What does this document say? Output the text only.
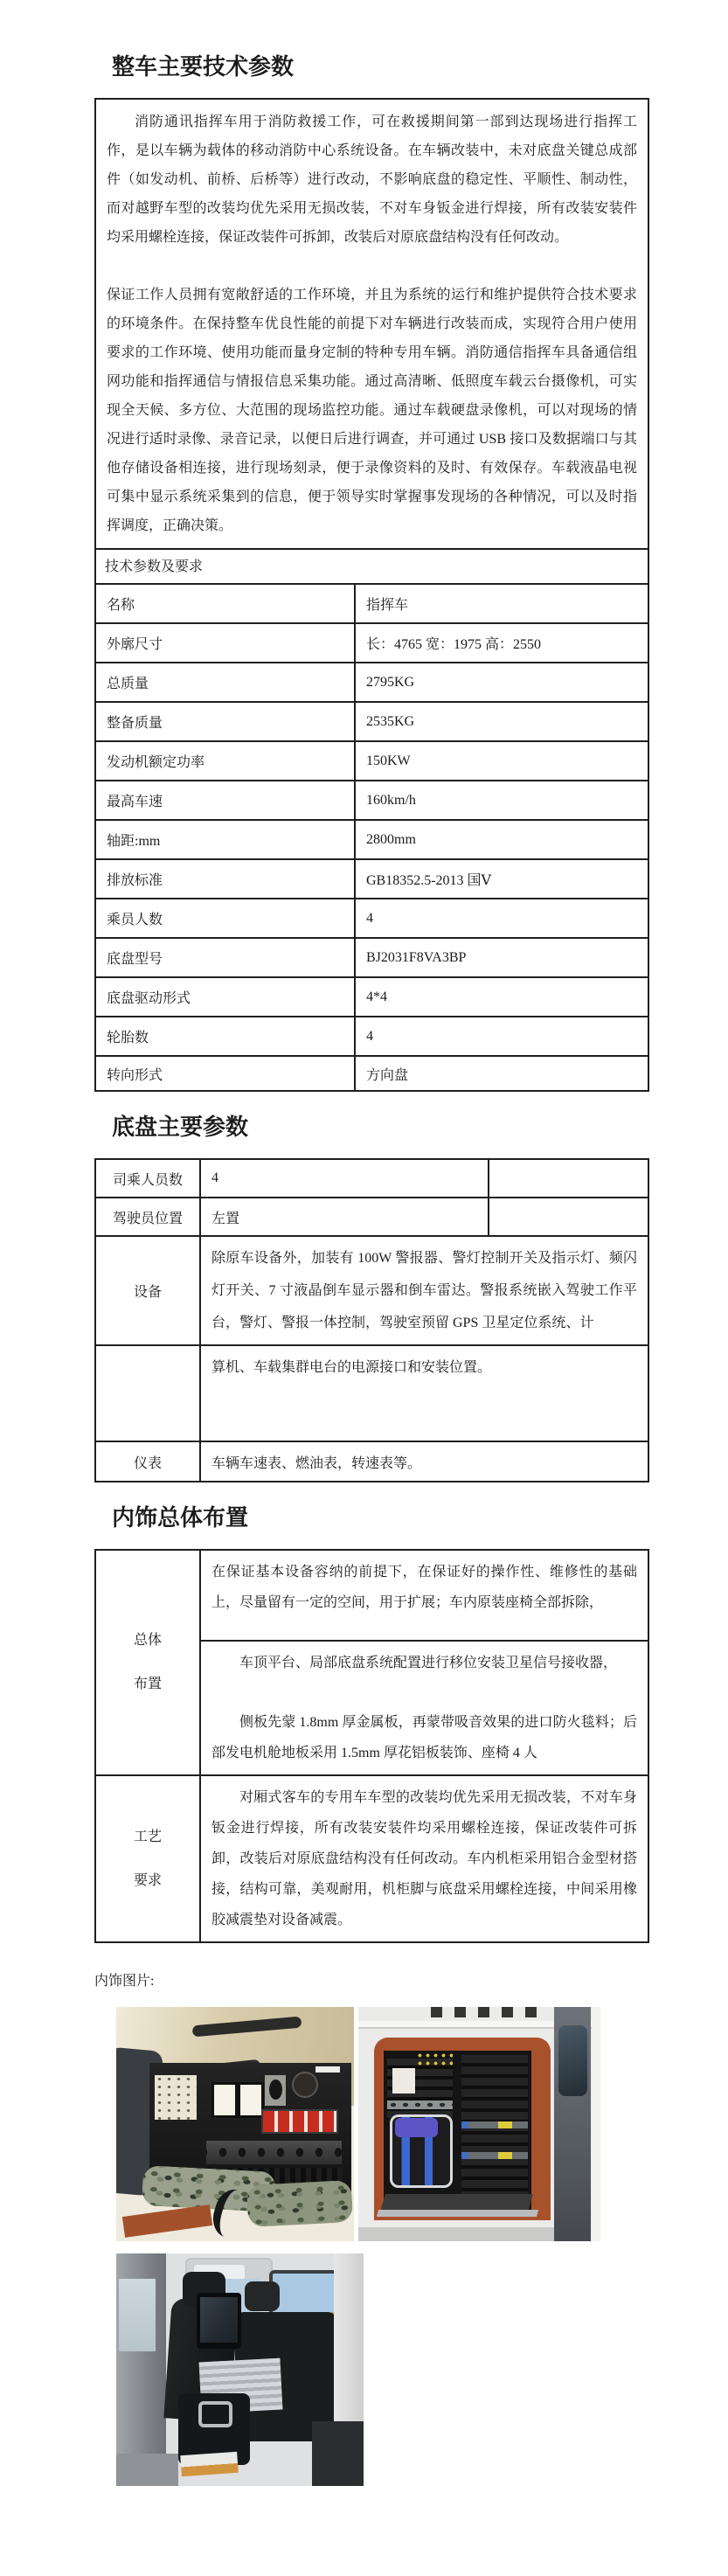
整车主要技术参数

消防通讯指挥车用于消防救援工作，可在救援期间第一部到达现场进行指挥工作，是以车辆为载体的移动消防中心系统设备。在车辆改装中，未对底盘关键总成部件（如发动机、前桥、后桥等）进行改动，不影响底盘的稳定性、平顺性、制动性，而对越野车型的改装均优先采用无损改装，不对车身钣金进行焊接，所有改装安装件均采用螺栓连接，保证改装件可拆卸，改装后对原底盘结构没有任何改动。

保证工作人员拥有宽敞舒适的工作环境，并且为系统的运行和维护提供符合技术要求的环境条件。在保持整车优良性能的前提下对车辆进行改装而成，实现符合用户使用要求的工作环境、使用功能而量身定制的特种专用车辆。消防通信指挥车具备通信组网功能和指挥通信与情报信息采集功能。通过高清晰、低照度车载云台摄像机，可实现全天候、多方位、大范围的现场监控功能。通过车载硬盘录像机，可以对现场的情况进行适时录像、录音记录，以便日后进行调查，并可通过 USB 接口及数据端口与其他存储设备相连接，进行现场刻录，便于录像资料的及时、有效保存。车载液晶电视可集中显示系统采集到的信息，便于领导实时掌握事发现场的各种情况，可以及时指挥调度，正确决策。	

技术参数及要求	
名称	指挥车
外廓尺寸	长：4765 宽：1975 高：2550
总质量	2795KG
整备质量	2535KG
发动机额定功率	150KW
最高车速	160km/h
轴距:mm	2800mm
排放标准	GB18352.5-2013 国Ⅴ
乘员人数	4
底盘型号	BJ2031F8VA3BP
底盘驱动形式	4*4
轮胎数	4
转向形式	方向盘
底盘主要参数
司乘人员数	4	
驾驶员位置	左置	
设备	除原车设备外，加装有 100W 警报器、警灯控制开关及指示灯、频闪灯开关、7 寸液晶倒车显示器和倒车雷达。警报系统嵌入驾驶工作平台，警灯、警报一体控制，驾驶室预留 GPS 卫星定位系统、计	
	算机、车载集群电台的电源接口和安装位置。	
仪表	车辆车速表、燃油表，转速表等。	
内饰总体布置
总体布置	在保证基本设备容纳的前提下，在保证好的操作性、维修性的基础上，尽量留有一定的空间，用于扩展；车内原装座椅全部拆除，

	车顶平台、局部底盘系统配置进行移位安装卫星信号接收器，

侧板先蒙 1.8mm 厚金属板，再蒙带吸音效果的进口防火毯料；后部发电机舱地板采用 1.5mm 厚花铝板装饰、座椅 4 人

工艺要求	对厢式客车的专用车车型的改装均优先采用无损改装，不对车身钣金进行焊接，所有改装安装件均采用螺栓连接，保证改装件可拆卸，改装后对原底盘结构没有任何改动。车内机柜采用铝合金型材搭接，结构可靠，美观耐用，机柜脚与底盘采用螺栓连接，中间采用橡胶减震垫对设备减震。

内饰图片:
